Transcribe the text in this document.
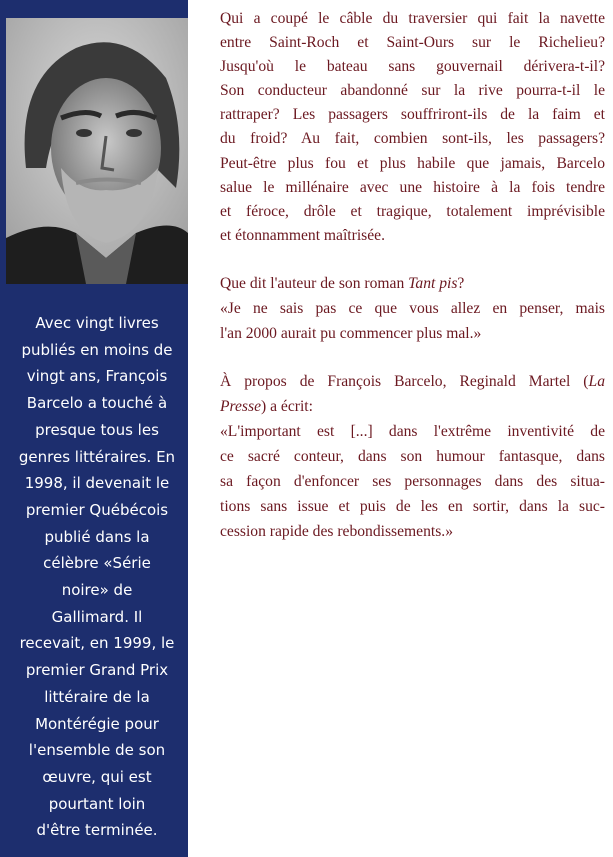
Avec vingt livres
publiés en moins de
vingt ans, François
Barcelo a touché à
presque tous les
genres littéraires. En
1998, il devenait le
premier Québécois
publié dans la
célèbre «Série
noire» de
Gallimard. Il
recevait, en 1999, le
premier Grand Prix
littéraire de la
Montérégie pour
l'ensemble de son
œuvre, qui est
pourtant loin
d'être terminée.
Qui a coupé le câble du traversier qui fait la navette
entre Saint-Roch et Saint-Ours sur le Richelieu?
Jusqu'où le bateau sans gouvernail dérivera-t-il?
Son conducteur abandonné sur la rive pourra-t-il le
rattraper? Les passagers souffriront-ils de la faim et
du froid? Au fait, combien sont-ils, les passagers?
Peut-être plus fou et plus habile que jamais, Barcelo
salue le millénaire avec une histoire à la fois tendre
et féroce, drôle et tragique, totalement imprévisible
et étonnamment maîtrisée.
Que dit l'auteur de son roman Tant pis?
«Je ne sais pas ce que vous allez en penser, mais
l'an 2000 aurait pu commencer plus mal.»
À propos de François Barcelo, Reginald Martel (La
Presse) a écrit:
«L'important est [...] dans l'extrême inventivité de
ce sacré conteur, dans son humour fantasque, dans
sa façon d'enfoncer ses personnages dans des situa-
tions sans issue et puis de les en sortir, dans la suc-
cession rapide des rebondissements.»
